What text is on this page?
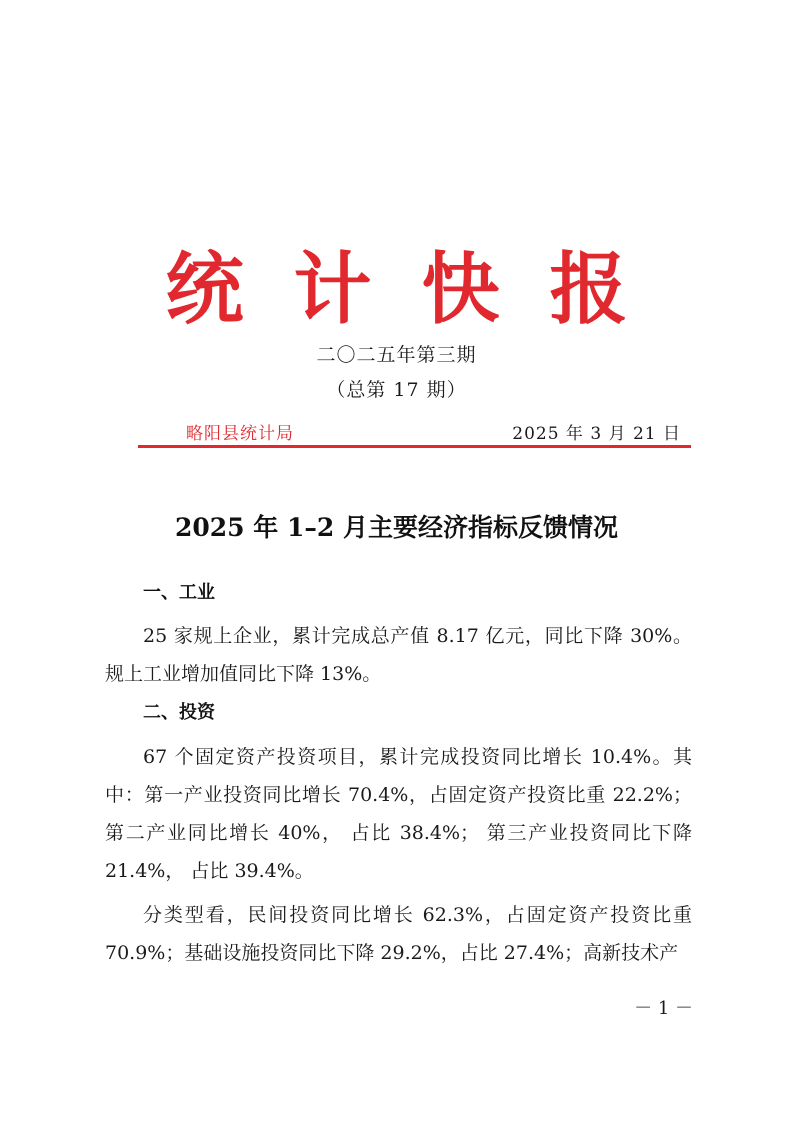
统计快报
二〇二五年第三期
（总第 17 期）
略阳县统计局	2025 年 3 月 21 日
2025 年 1–2 月主要经济指标反馈情况
一、工业
25 家规上企业，累计完成总产值 8.17 亿元，同比下降 30%。规上工业增加值同比下降 13%。
二、投资
67 个固定资产投资项目，累计完成投资同比增长 10.4%。其中：第一产业投资同比增长 70.4%，占固定资产投资比重 22.2%；第二产业同比增长 40%， 占比 38.4%； 第三产业投资同比下降 21.4%， 占比 39.4%。
分类型看，民间投资同比增长 62.3%，占固定资产投资比重 70.9%；基础设施投资同比下降 29.2%，占比 27.4%；高新技术产
－ 1 －
